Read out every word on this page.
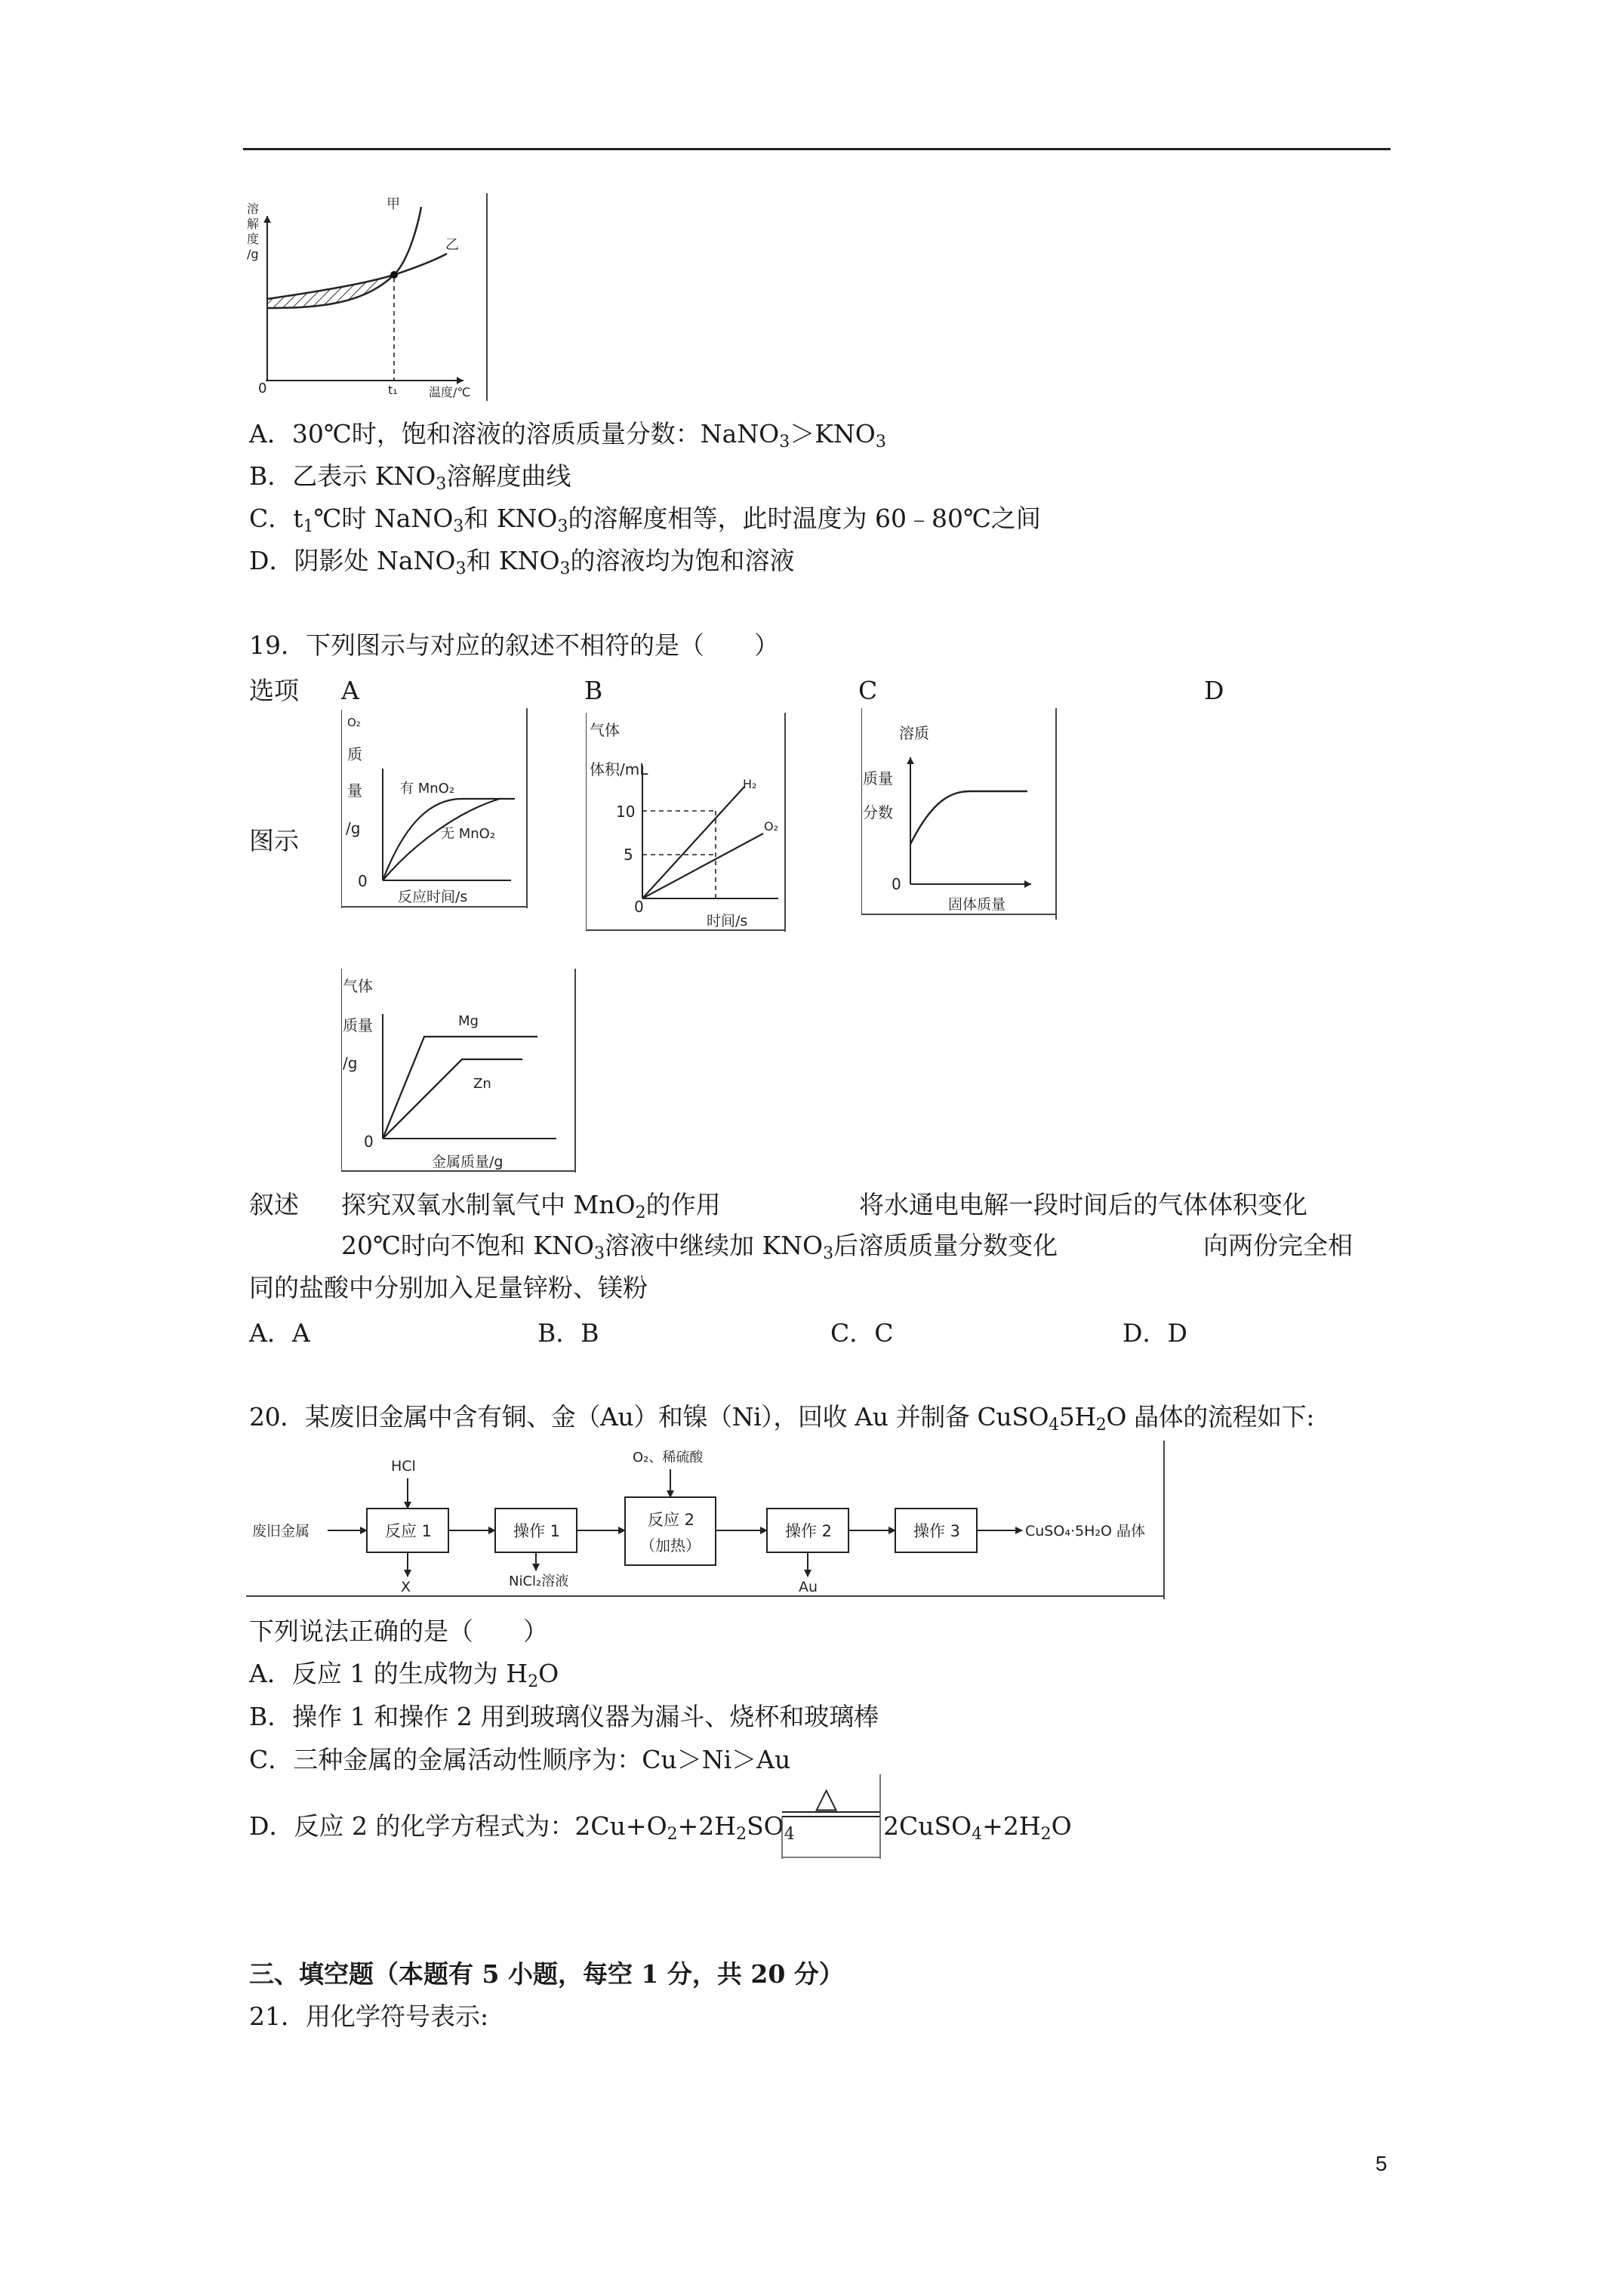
溶
解
度
/g
甲
乙
0	t₁	温度/℃
A．30℃时，饱和溶液的溶质质量分数：$NaNO_3>KNO_3$
B．乙表示 $KNO_3$溶解度曲线
C．$t_1℃$时 NaNO$_3$和 $KNO_3$的溶解度相等，此时温度为 60﹣80℃之间
D．阴影处 NaNO$_3$和 $KNO_3$的溶液均为饱和溶液
19．下列图示与对应的叙述不相符的是（　　）
选项 A	B	C	D
图示
O₂
质
量
/g
有 MnO₂
无 MnO₂
0
反应时间/s
气体
体积/mL
10
5
H₂
O₂
0
时间/s
溶质
质量
分数
0
固体质量
气体
质量
/g
Mg
Zn
0
金属质量/g
叙述 探究双氧水制氧气中 MnO$_2$的作用	将水通电电解一段时间后的气体体积变化
20℃时向不饱和 $KNO_3$溶液中继续加 $KNO_3$后溶质质量分数变化	向两份完全相
同的盐酸中分别加入足量锌粉、镁粉
A．A	B．B	C．C	D．D
20．某废旧金属中含有铜、金（Au）和镍（Ni），回收 Au 并制备 $CuSO_45H_2O$ 晶体的流程如下:
废旧金属
HCl
反应 1
X
操作 1
NiCl₂溶液
O₂、稀硫酸
反应 2
（加热）
操作 2
Au
操作 3	CuSO₄·5H₂O 晶体
下列说法正确的是（　　）
A．反应 1 的生成物为 $H_2O$
B．操作 1 和操作 2 用到玻璃仪器为漏斗、烧杯和玻璃棒
C．三种金属的金属活动性顺序为：Cu＞Ni＞Au
D．反应 2 的化学方程式为：$2Cu+O_2+2H_2SO_4$
△
$2CuSO_4+2H_2O$
三、填空题（本题有 5 小题，每空 1 分，共 20 分）
21．用化学符号表示:
5
